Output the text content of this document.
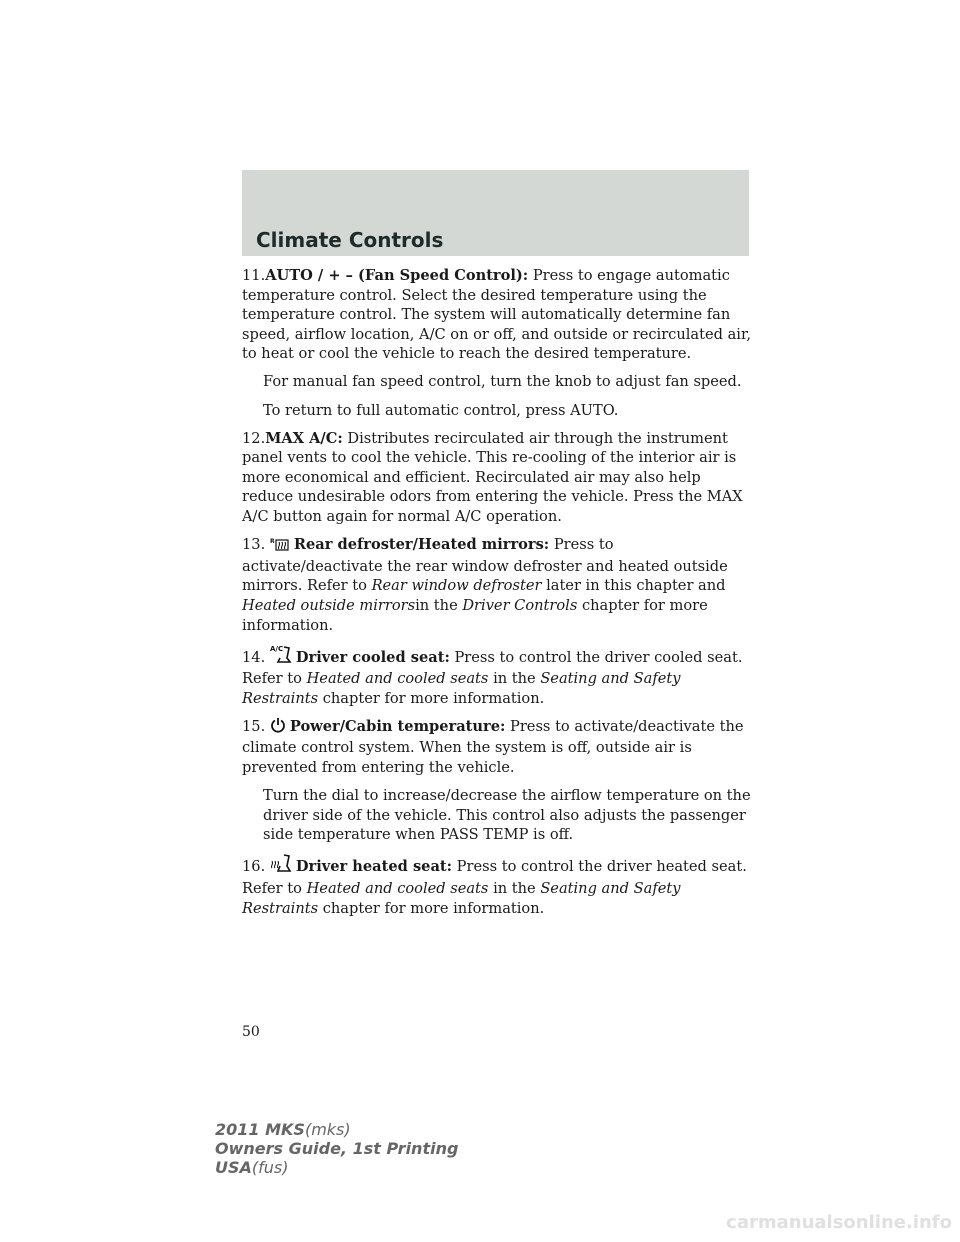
Climate Controls

11.AUTO / + – (Fan Speed Control): Press to engage automatic temperature control. Select the desired temperature using the temperature control. The system will automatically determine fan speed, airflow location, A/C on or off, and outside or recirculated air, to heat or cool the vehicle to reach the desired temperature.

For manual fan speed control, turn the knob to adjust fan speed.

To return to full automatic control, press AUTO.

12.MAX A/C: Distributes recirculated air through the instrument panel vents to cool the vehicle. This re-cooling of the interior air is more economical and efficient. Recirculated air may also help reduce undesirable odors from entering the vehicle. Press the MAX A/C button again for normal A/C operation.

13. R Rear defroster/Heated mirrors: Press to activate/deactivate the rear window defroster and heated outside mirrors. Refer to Rear window defroster later in this chapter and Heated outside mirrorsin the Driver Controls chapter for more information.

14. A/C Driver cooled seat: Press to control the driver cooled seat. Refer to Heated and cooled seats in the Seating and Safety Restraints chapter for more information.

15. Power/Cabin temperature: Press to activate/deactivate the climate control system. When the system is off, outside air is prevented from entering the vehicle.

Turn the dial to increase/decrease the airflow temperature on the driver side of the vehicle. This control also adjusts the passenger side temperature when PASS TEMP is off.

16. Driver heated seat: Press to control the driver heated seat. Refer to Heated and cooled seats in the Seating and Safety Restraints chapter for more information.

50
2011 MKS(mks)
Owners Guide, 1st Printing
USA(fus)
carmanualsonline.info
